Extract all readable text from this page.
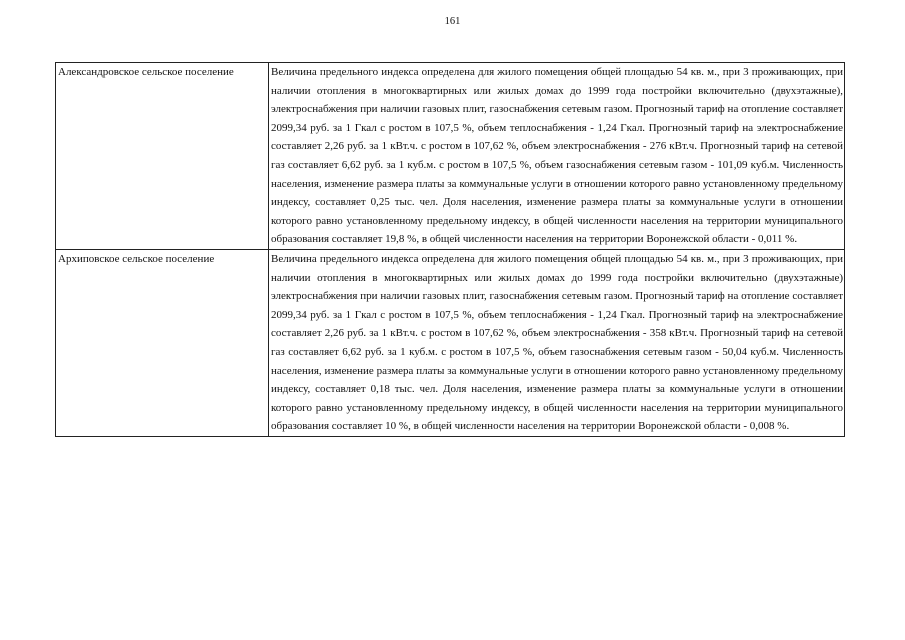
161
Александровское сельское поселение	Величина предельного индекса определена для жилого помещения общей площадью 54 кв. м., при 3 проживающих, при наличии отопления в многоквартирных или жилых домах до 1999 года постройки включительно (двухэтажные), электроснабжения при наличии газовых плит, газоснабжения сетевым газом. Прогнозный тариф на отопление составляет 2099,34 руб. за 1 Гкал с ростом в 107,5 %, объем теплоснабжения - 1,24 Гкал. Прогнозный тариф на электроснабжение составляет 2,26 руб. за 1 кВт.ч. с ростом в 107,62 %, объем электроснабжения - 276 кВт.ч. Прогнозный тариф на сетевой газ составляет 6,62 руб. за 1 куб.м. с ростом в 107,5 %, объем газоснабжения сетевым газом - 101,09 куб.м. Численность населения, изменение размера платы за коммунальные услуги в отношении которого равно установленному предельному индексу, составляет 0,25 тыс. чел. Доля населения, изменение размера платы за коммунальные услуги в отношении которого равно установленному предельному индексу, в общей численности населения на территории муниципального образования составляет 19,8 %, в общей численности населения на территории Воронежской области - 0,011 %.
Архиповское сельское поселение	Величина предельного индекса определена для жилого помещения общей площадью 54 кв. м., при 3 проживающих, при наличии отопления в многоквартирных или жилых домах до 1999 года постройки включительно (двухэтажные) электроснабжения при наличии газовых плит, газоснабжения сетевым газом. Прогнозный тариф на отопление составляет 2099,34 руб. за 1 Гкал с ростом в 107,5 %, объем теплоснабжения - 1,24 Гкал. Прогнозный тариф на электроснабжение составляет 2,26 руб. за 1 кВт.ч. с ростом в 107,62 %, объем электроснабжения - 358 кВт.ч. Прогнозный тариф на сетевой газ составляет 6,62 руб. за 1 куб.м. с ростом в 107,5 %, объем газоснабжения сетевым газом - 50,04 куб.м. Численность населения, изменение размера платы за коммунальные услуги в отношении которого равно установленному предельному индексу, составляет 0,18 тыс. чел. Доля населения, изменение размера платы за коммунальные услуги в отношении которого равно установленному предельному индексу, в общей численности населения на территории муниципального образования составляет 10 %, в общей численности населения на территории Воронежской области - 0,008 %.
